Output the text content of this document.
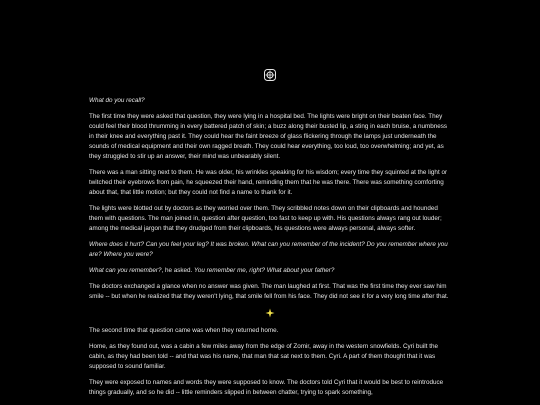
What do you recall?

The first time they were asked that question, they were lying in a hospital bed. The lights were bright on their beaten face. They could feel their blood thrumming in every battered patch of skin; a buzz along their busted lip, a sting in each bruise, a numbness in their knee and everything past it. They could hear the faint breeze of glass flickering through the lamps just underneath the sounds of medical equipment and their own ragged breath. They could hear everything, too loud, too overwhelming; and yet, as they struggled to stir up an answer, their mind was unbearably silent.

There was a man sitting next to them. He was older, his wrinkles speaking for his wisdom; every time they squinted at the light or twitched their eyebrows from pain, he squeezed their hand, reminding them that he was there. There was something comforting about that, that little motion; but they could not find a name to thank for it.

The lights were blotted out by doctors as they worried over them. They scribbled notes down on their clipboards and hounded them with questions. The man joined in, question after question, too fast to keep up with. His questions always rang out louder; among the medical jargon that they drudged from their clipboards, his questions were always personal, always softer.

Where does it hurt? Can you feel your leg? It was broken. What can you remember of the incident? Do you remember where you are? Where you were?

What can you remember?, he asked. You remember me, right? What about your father?

The doctors exchanged a glance when no answer was given. The man laughed at first. That was the first time they ever saw him smile -- but when he realized that they weren't lying, that smile fell from his face. They did not see it for a very long time after that.

The second time that question came was when they returned home.

Home, as they found out, was a cabin a few miles away from the edge of Zomir, away in the western snowfields. Cyri built the cabin, as they had been told -- and that was his name, that man that sat next to them. Cyri. A part of them thought that it was supposed to sound familiar.

They were exposed to names and words they were supposed to know. The doctors told Cyri that it would be best to reintroduce things gradually, and so he did -- little reminders slipped in between chatter, trying to spark something,
